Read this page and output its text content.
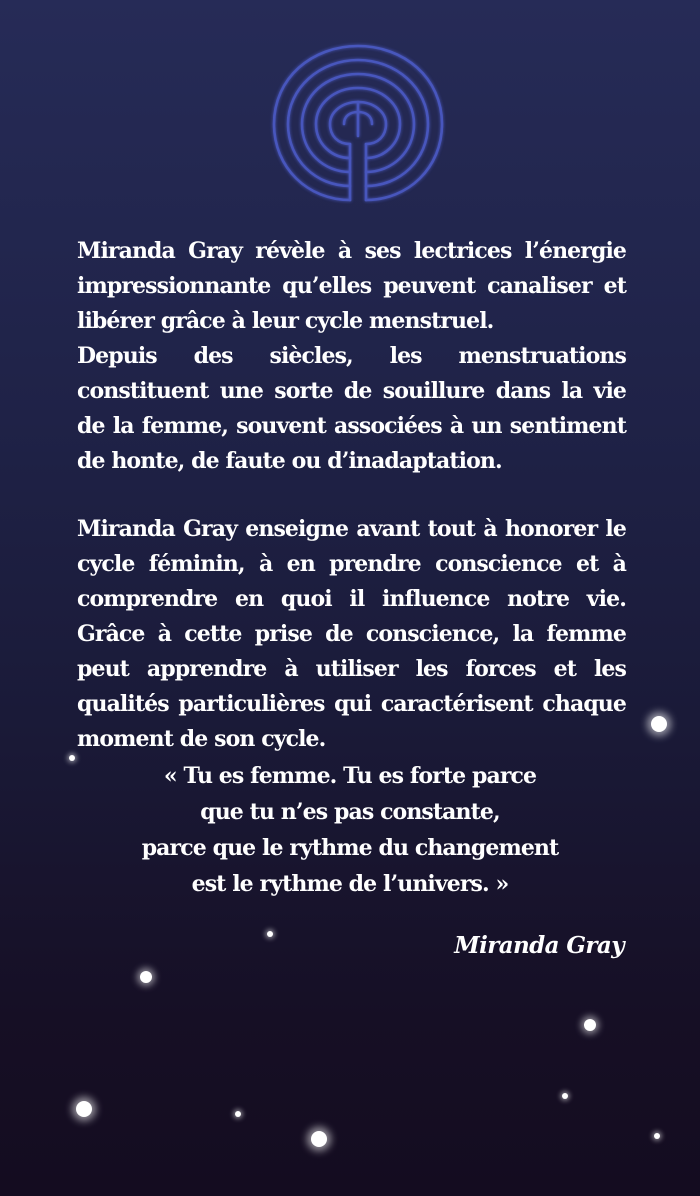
Miranda Gray révèle à ses lectrices l’énergie impressionnante qu’elles peuvent canaliser et libérer grâce à leur cycle menstruel.

Depuis des siècles, les menstruations constituent une sorte de souillure dans la vie de la femme, souvent associées à un sentiment de honte, de faute ou d’inadaptation.

Miranda Gray enseigne avant tout à honorer le cycle féminin, à en prendre conscience et à comprendre en quoi il influence notre vie. Grâce à cette prise de conscience, la femme peut apprendre à utiliser les forces et les qualités particulières qui caractérisent chaque moment de son cycle.

« Tu es femme. Tu es forte parce
que tu n’es pas constante,
parce que le rythme du changement
est le rythme de l’univers. »
Miranda Gray
